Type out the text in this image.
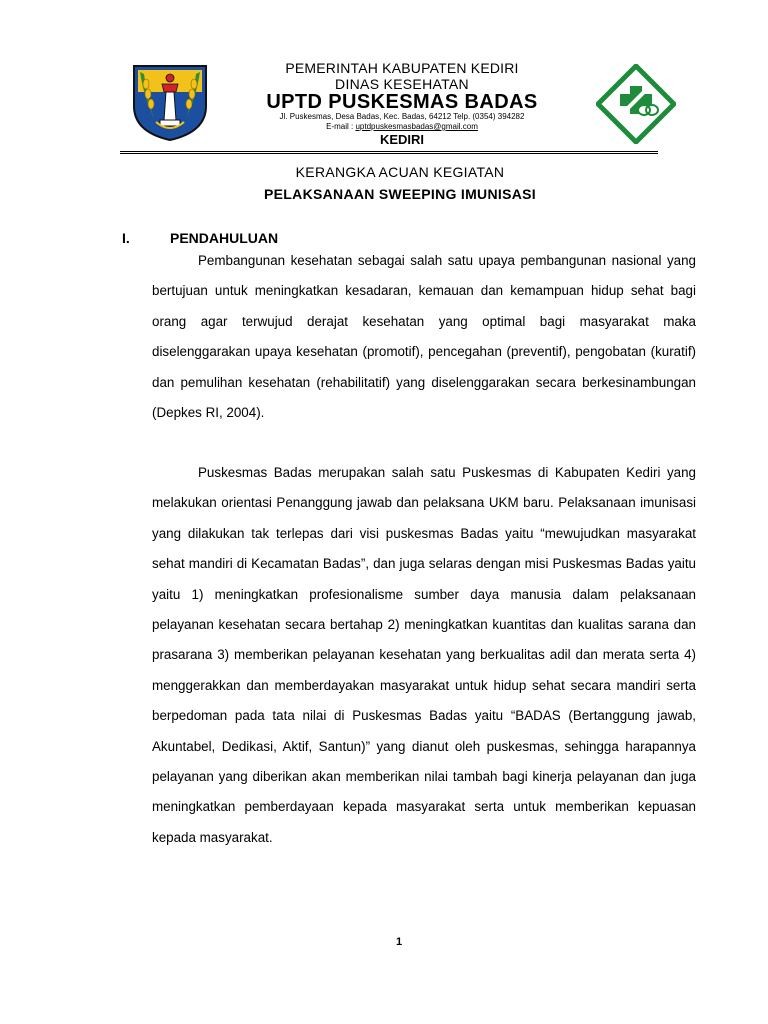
PEMERINTAH KABUPATEN KEDIRI
DINAS KESEHATAN
UPTD PUSKESMAS BADAS
Jl. Puskesmas, Desa Badas, Kec. Badas, 64212 Telp. (0354) 394282
E-mail : uptdpuskesmasbadas@gmail.com
KEDIRI
KERANGKA ACUAN KEGIATAN
PELAKSANAAN SWEEPING IMUNISASI
I.	PENDAHULUAN

Pembangunan kesehatan sebagai salah satu upaya pembangunan nasional yang bertujuan untuk meningkatkan kesadaran, kemauan dan kemampuan hidup sehat bagi orang agar terwujud derajat kesehatan yang optimal bagi masyarakat maka diselenggarakan upaya kesehatan (promotif), pencegahan (preventif), pengobatan (kuratif) dan pemulihan kesehatan (rehabilitatif) yang diselenggarakan secara berkesinambungan (Depkes RI, 2004).

Puskesmas Badas merupakan salah satu Puskesmas di Kabupaten Kediri yang melakukan orientasi Penanggung jawab dan pelaksana UKM baru. Pelaksanaan imunisasi yang dilakukan tak terlepas dari visi puskesmas Badas yaitu “mewujudkan masyarakat sehat mandiri di Kecamatan Badas”, dan juga selaras dengan misi Puskesmas Badas yaitu yaitu 1) meningkatkan profesionalisme sumber daya manusia dalam pelaksanaan pelayanan kesehatan secara bertahap 2) meningkatkan kuantitas dan kualitas sarana dan prasarana 3) memberikan pelayanan kesehatan yang berkualitas adil dan merata serta 4) menggerakkan dan memberdayakan masyarakat untuk hidup sehat secara mandiri serta berpedoman pada tata nilai di Puskesmas Badas yaitu “BADAS (Bertanggung jawab, Akuntabel, Dedikasi, Aktif, Santun)” yang dianut oleh puskesmas, sehingga harapannya pelayanan yang diberikan akan memberikan nilai tambah bagi kinerja pelayanan dan juga meningkatkan pemberdayaan kepada masyarakat serta untuk memberikan kepuasan kepada masyarakat.

1
